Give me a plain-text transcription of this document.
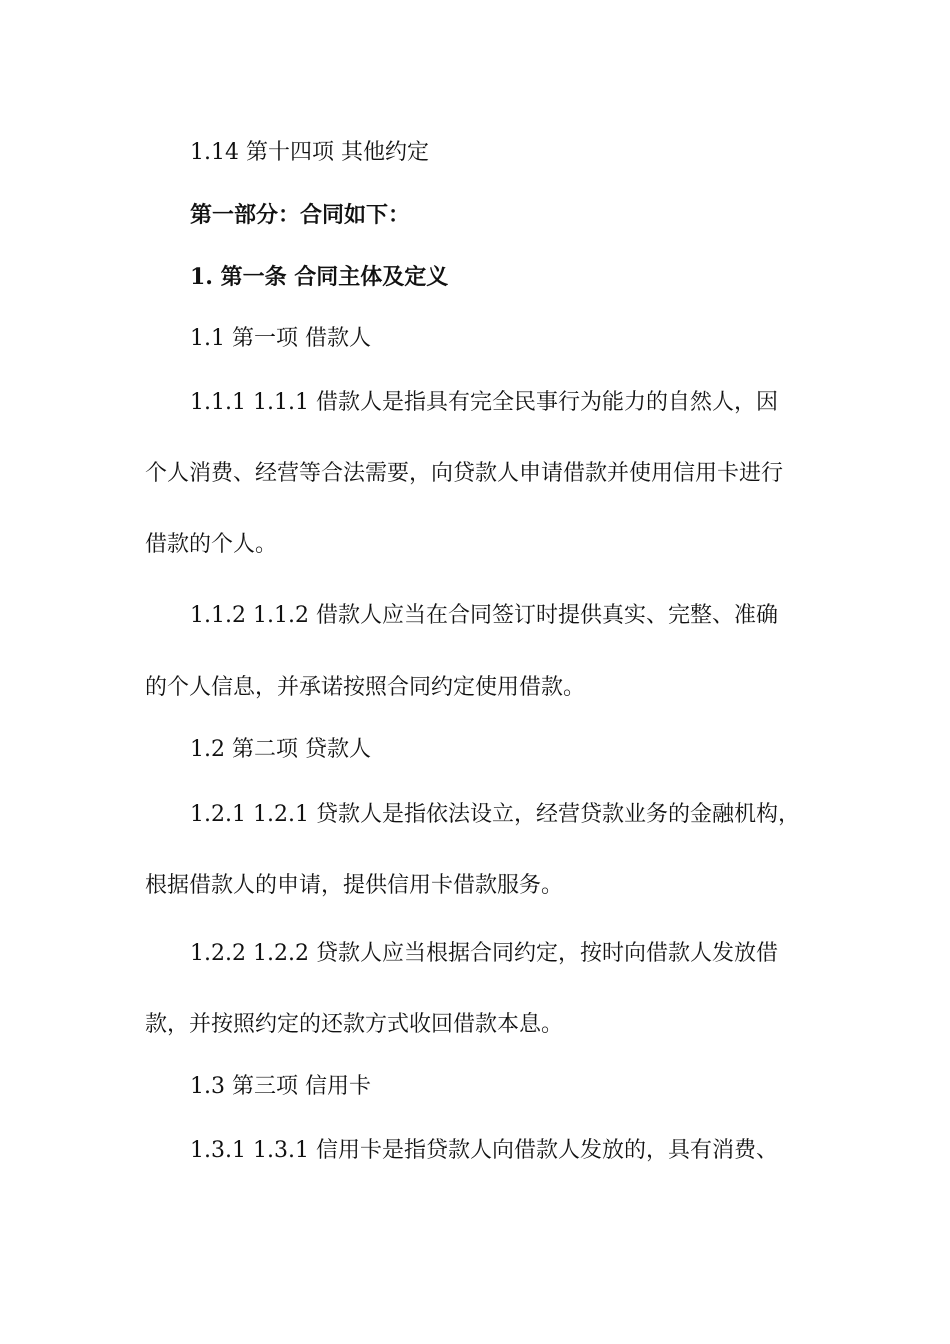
1.14 第十四项 其他约定
第一部分：合同如下：
1. 第一条 合同主体及定义
1.1 第一项 借款人
1.1.1 1.1.1 借款人是指具有完全民事行为能力的自然人，因
个人消费、经营等合法需要，向贷款人申请借款并使用信用卡进行
借款的个人。
1.1.2 1.1.2 借款人应当在合同签订时提供真实、完整、准确
的个人信息，并承诺按照合同约定使用借款。
1.2 第二项 贷款人
1.2.1 1.2.1 贷款人是指依法设立，经营贷款业务的金融机构，
根据借款人的申请，提供信用卡借款服务。
1.2.2 1.2.2 贷款人应当根据合同约定，按时向借款人发放借
款，并按照约定的还款方式收回借款本息。
1.3 第三项 信用卡
1.3.1 1.3.1 信用卡是指贷款人向借款人发放的，具有消费、
